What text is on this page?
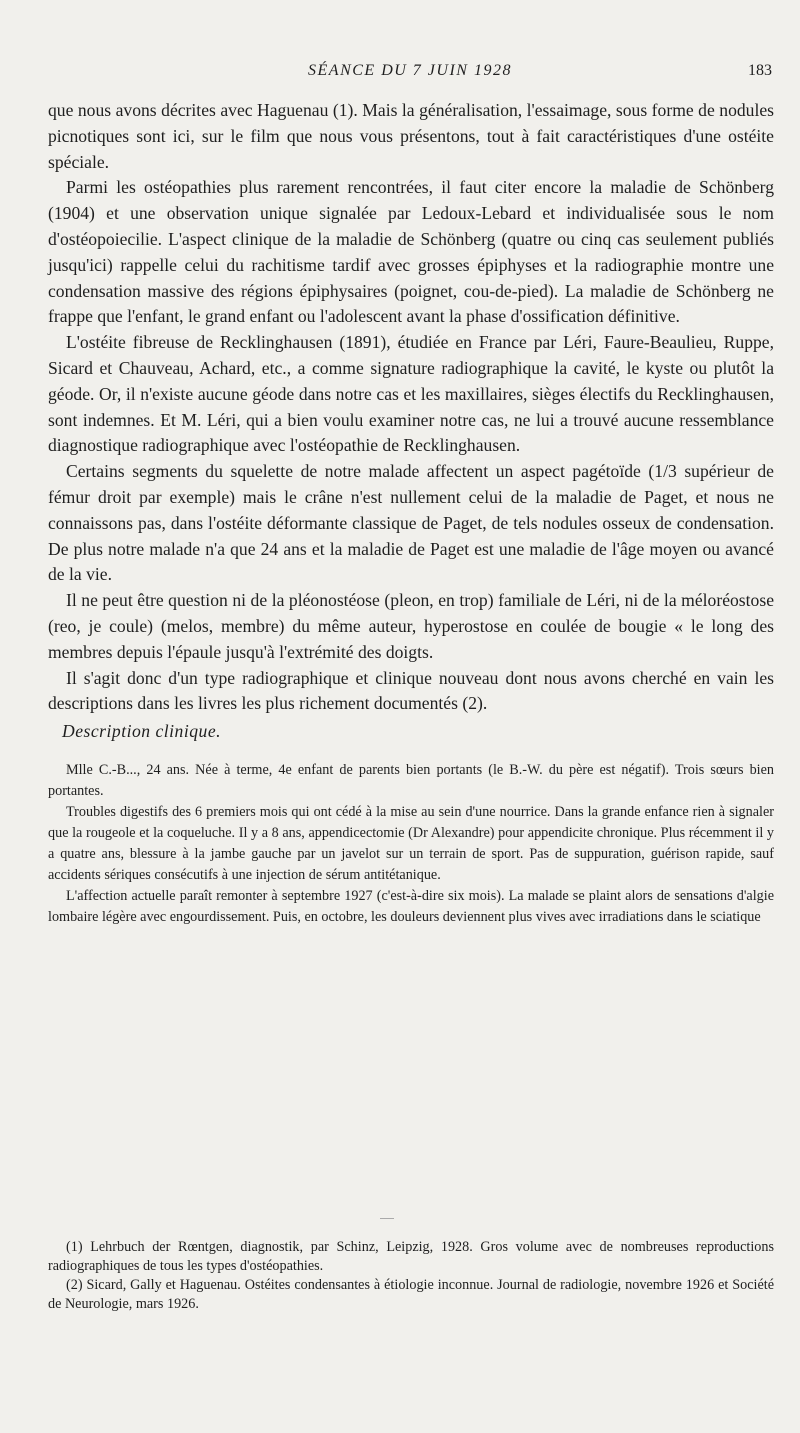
SÉANCE DU 7 JUIN 1928	183

que nous avons décrites avec Haguenau (1). Mais la généralisation, l'essaimage, sous forme de nodules picnotiques sont ici, sur le film que nous vous présentons, tout à fait caractéristiques d'une ostéite spéciale.

Parmi les ostéopathies plus rarement rencontrées, il faut citer encore la maladie de Schönberg (1904) et une observation unique signalée par Ledoux-Lebard et individualisée sous le nom d'ostéopoiecilie. L'aspect clinique de la maladie de Schönberg (quatre ou cinq cas seulement publiés jusqu'ici) rappelle celui du rachitisme tardif avec grosses épiphyses et la radiographie montre une condensation massive des régions épiphysaires (poignet, cou-de-pied). La maladie de Schönberg ne frappe que l'enfant, le grand enfant ou l'adolescent avant la phase d'ossification définitive.

L'ostéite fibreuse de Recklinghausen (1891), étudiée en France par Léri, Faure-Beaulieu, Ruppe, Sicard et Chauveau, Achard, etc., a comme signature radiographique la cavité, le kyste ou plutôt la géode. Or, il n'existe aucune géode dans notre cas et les maxillaires, sièges électifs du Recklinghausen, sont indemnes. Et M. Léri, qui a bien voulu examiner notre cas, ne lui a trouvé aucune ressemblance diagnostique radiographique avec l'ostéopathie de Recklinghausen.

Certains segments du squelette de notre malade affectent un aspect pagétoïde (1/3 supérieur de fémur droit par exemple) mais le crâne n'est nullement celui de la maladie de Paget, et nous ne connaissons pas, dans l'ostéite déformante classique de Paget, de tels nodules osseux de condensation. De plus notre malade n'a que 24 ans et la maladie de Paget est une maladie de l'âge moyen ou avancé de la vie.

Il ne peut être question ni de la pléonostéose (pleon, en trop) familiale de Léri, ni de la méloréostose (reo, je coule) (melos, membre) du même auteur, hyperostose en coulée de bougie « le long des membres depuis l'épaule jusqu'à l'extrémité des doigts.

Il s'agit donc d'un type radiographique et clinique nouveau dont nous avons cherché en vain les descriptions dans les livres les plus richement documentés (2).

Description clinique.

Mlle C.-B..., 24 ans. Née à terme, 4e enfant de parents bien portants (le B.-W. du père est négatif). Trois sœurs bien portantes.

Troubles digestifs des 6 premiers mois qui ont cédé à la mise au sein d'une nourrice. Dans la grande enfance rien à signaler que la rougeole et la coqueluche. Il y a 8 ans, appendicectomie (Dr Alexandre) pour appendicite chronique. Plus récemment il y a quatre ans, blessure à la jambe gauche par un javelot sur un terrain de sport. Pas de suppuration, guérison rapide, sauf accidents sériques consécutifs à une injection de sérum antitétanique.

L'affection actuelle paraît remonter à septembre 1927 (c'est-à-dire six mois). La malade se plaint alors de sensations d'algie lombaire légère avec engourdissement. Puis, en octobre, les douleurs deviennent plus vives avec irradiations dans le sciatique

(1) Lehrbuch der Rœntgen, diagnostik, par Schinz, Leipzig, 1928. Gros volume avec de nombreuses reproductions radiographiques de tous les types d'ostéopathies.

(2) Sicard, Gally et Haguenau. Ostéites condensantes à étiologie inconnue. Journal de radiologie, novembre 1926 et Société de Neurologie, mars 1926.
